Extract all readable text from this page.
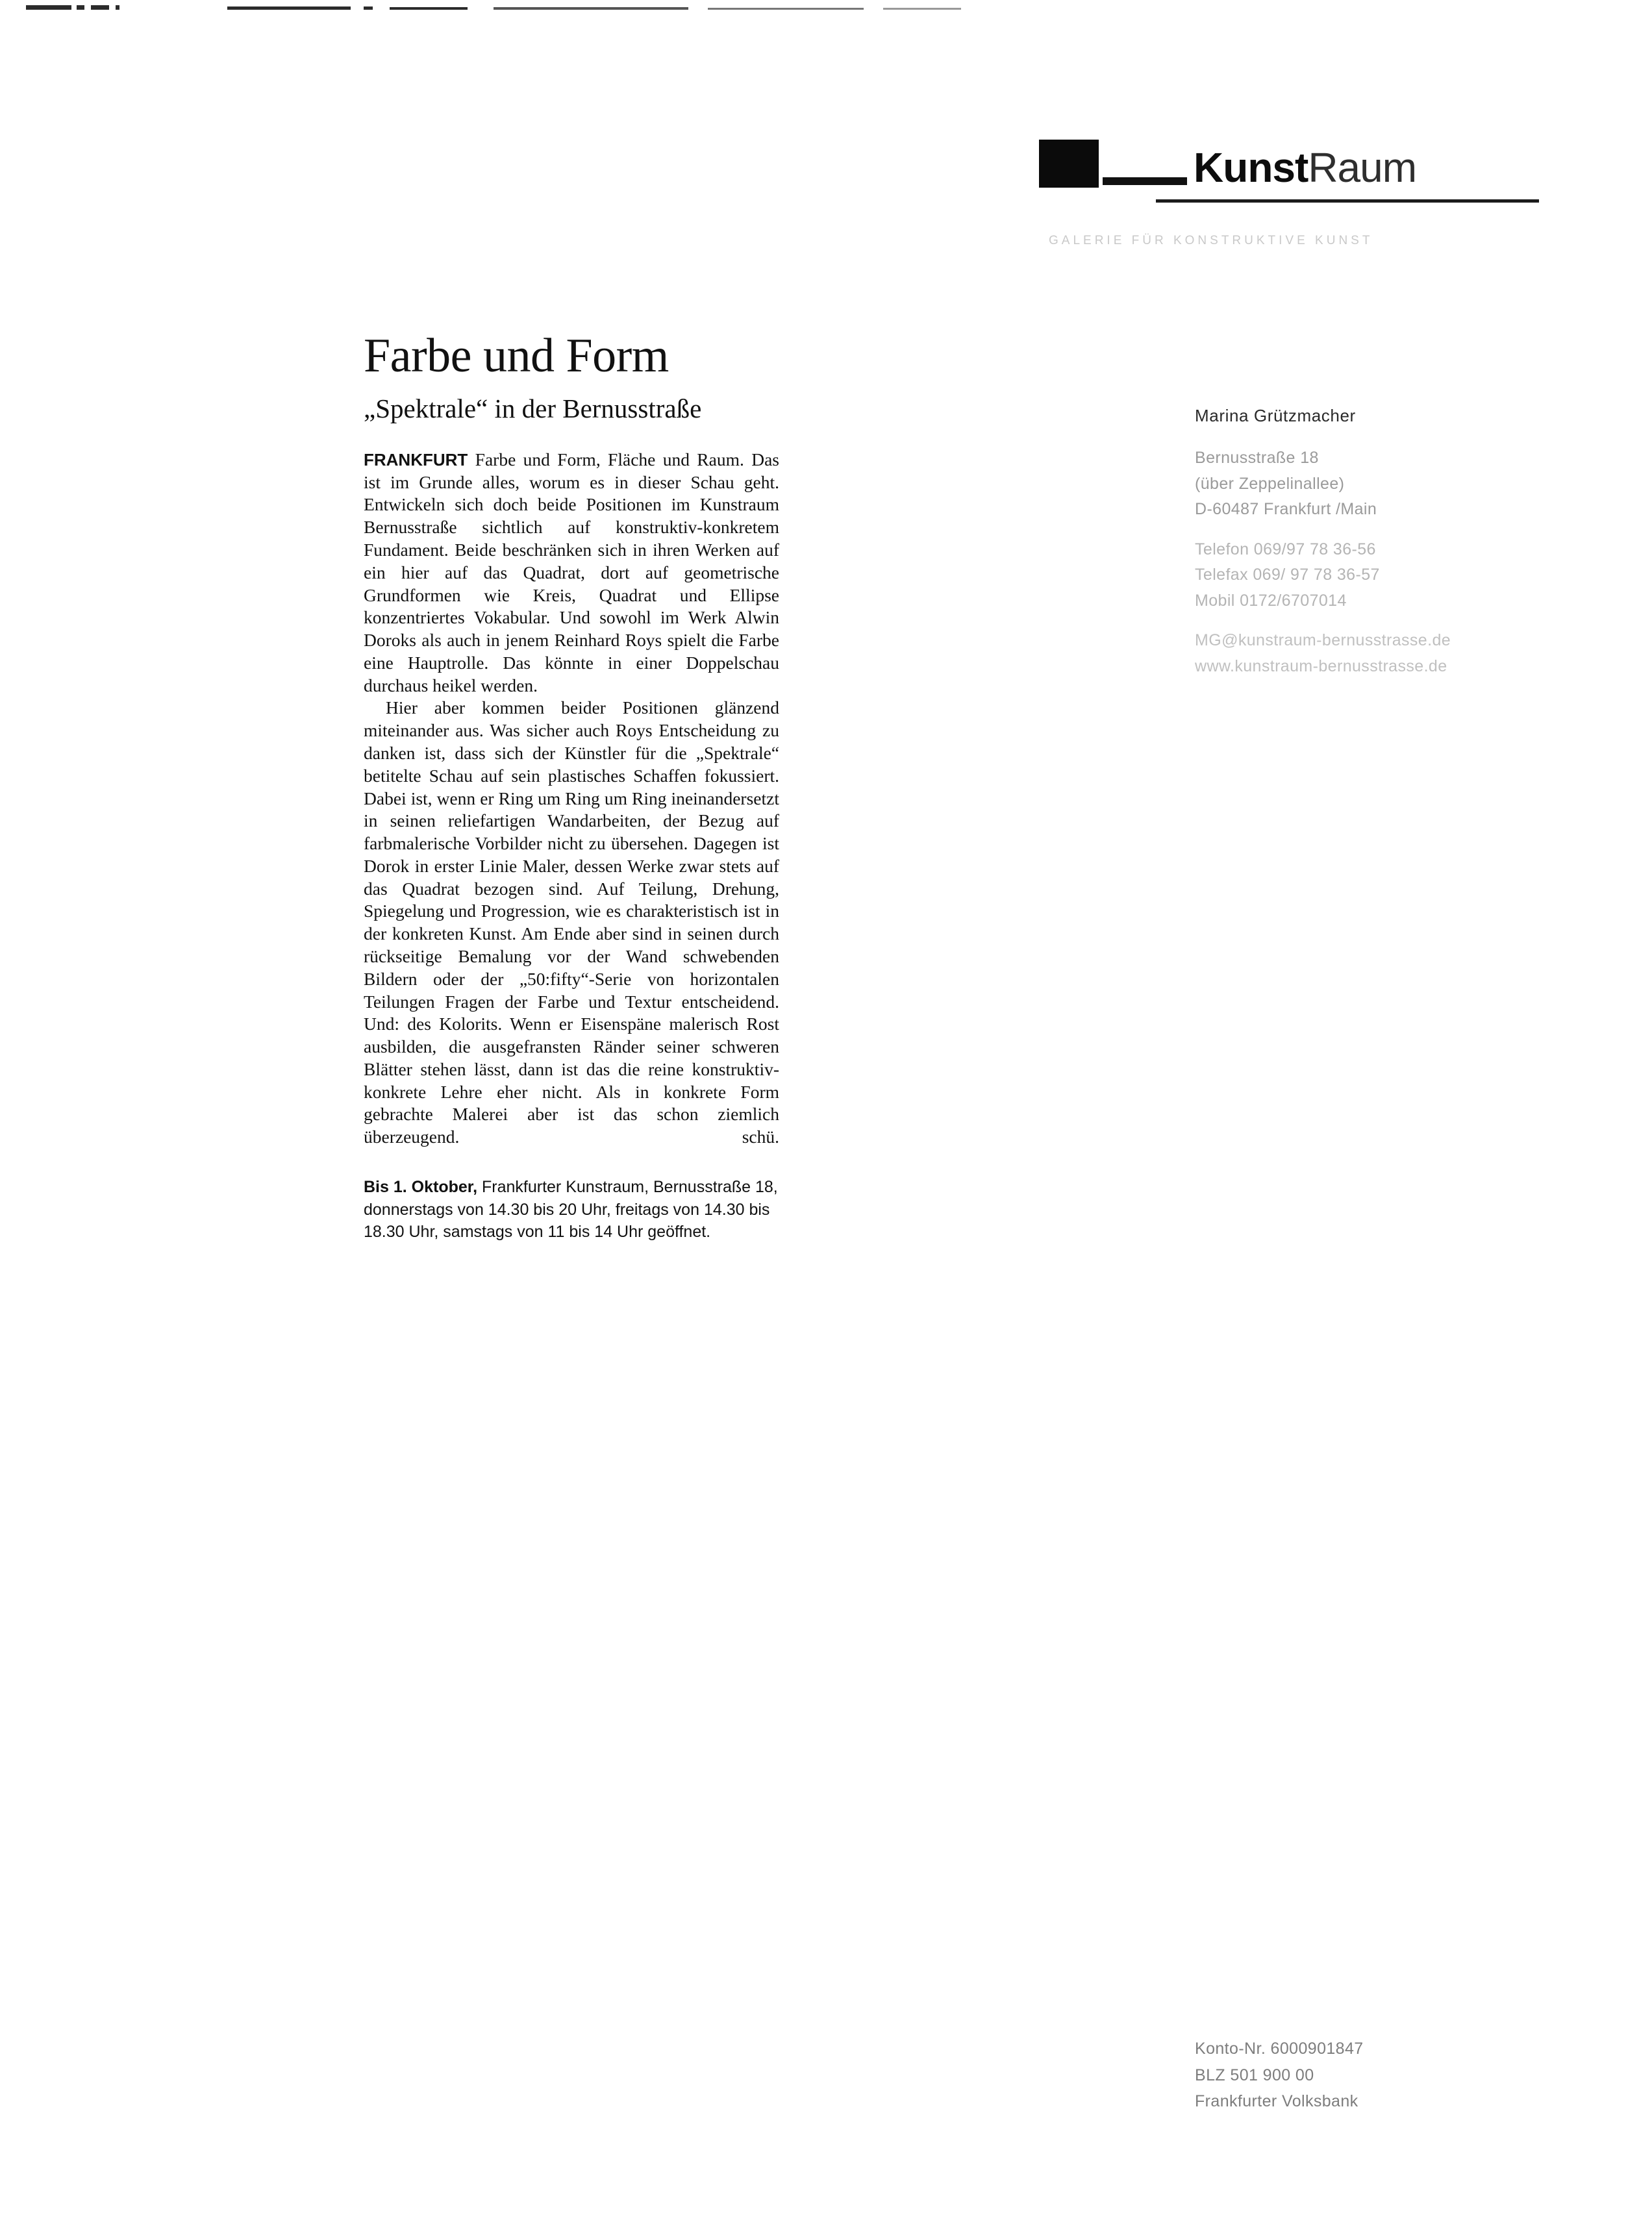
KunstRaum
GALERIE FÜR KONSTRUKTIVE KUNST
Farbe und Form
„Spektrale“ in der Bernusstraße

FRANKFURT Farbe und Form, Fläche und Raum. Das ist im Grunde alles, worum es in dieser Schau geht. Entwickeln sich doch beide Positionen im Kunstraum Bernusstraße sichtlich auf konstruktiv-konkretem Fundament. Beide beschränken sich in ihren Werken auf ein hier auf das Quadrat, dort auf geometrische Grundformen wie Kreis, Quadrat und Ellipse konzentriertes Vokabular. Und sowohl im Werk Alwin Doroks als auch in jenem Reinhard Roys spielt die Farbe eine Hauptrolle. Das könnte in einer Doppelschau durchaus heikel werden.

Hier aber kommen beider Positionen glänzend miteinander aus. Was sicher auch Roys Entscheidung zu danken ist, dass sich der Künstler für die „Spektrale“ betitelte Schau auf sein plastisches Schaffen fokussiert. Dabei ist, wenn er Ring um Ring um Ring ineinandersetzt in seinen reliefartigen Wandarbeiten, der Bezug auf farbmalerische Vorbilder nicht zu übersehen. Dagegen ist Dorok in erster Linie Maler, dessen Werke zwar stets auf das Quadrat bezogen sind. Auf Teilung, Drehung, Spiegelung und Progression, wie es charakteristisch ist in der konkreten Kunst. Am Ende aber sind in seinen durch rückseitige Bemalung vor der Wand schwebenden Bildern oder der „50:fifty“-Serie von horizontalen Teilungen Fragen der Farbe und Textur entscheidend. Und: des Kolorits. Wenn er Eisenspäne malerisch Rost ausbilden, die ausgefransten Ränder seiner schweren Blätter stehen lässt, dann ist das die reine konstruktiv-konkrete Lehre eher nicht. Als in konkrete Form gebrachte Malerei aber ist das schon ziemlich überzeugend.	schü.

Bis 1. Oktober, Frankfurter Kunstraum, Bernusstraße 18, donnerstags von 14.30 bis 20 Uhr, freitags von 14.30 bis 18.30 Uhr, samstags von 11 bis 14 Uhr geöffnet.
Marina Grützmacher
Bernusstraße 18
(über Zeppelinallee)
D-60487 Frankfurt /Main
Telefon 069/97 78 36-56
Telefax 069/ 97 78 36-57
Mobil 0172/6707014
MG@kunstraum-bernusstrasse.de
www.kunstraum-bernusstrasse.de
Konto-Nr. 6000901847
BLZ 501 900 00
Frankfurter Volksbank
